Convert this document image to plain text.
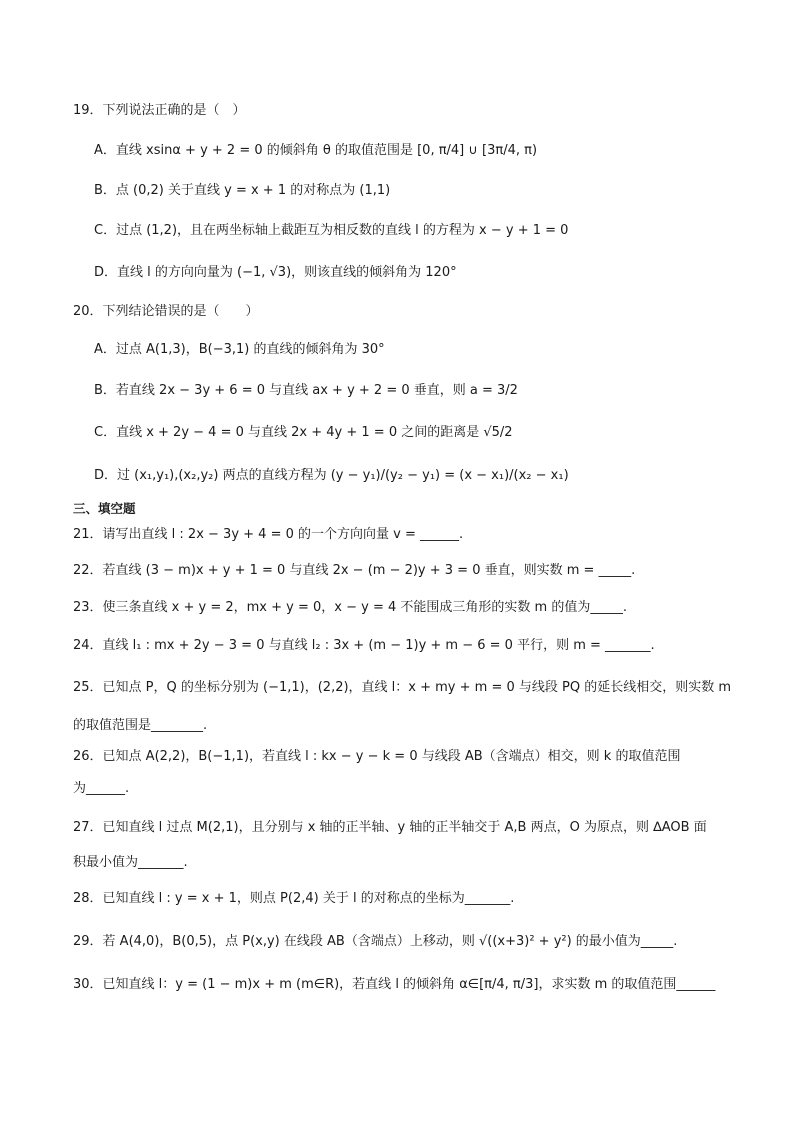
19．下列说法正确的是（　）
A．直线 xsinα + y + 2 = 0 的倾斜角 θ 的取值范围是 [0, π/4] ∪ [3π/4, π)
B．点 (0,2) 关于直线 y = x + 1 的对称点为 (1,1)
C．过点 (1,2)，且在两坐标轴上截距互为相反数的直线 l 的方程为 x − y + 1 = 0
D．直线 l 的方向向量为 (−1, √3)，则该直线的倾斜角为 120°
20．下列结论错误的是（　　）
A．过点 A(1,3)，B(−3,1) 的直线的倾斜角为 30°
B．若直线 2x − 3y + 6 = 0 与直线 ax + y + 2 = 0 垂直，则 a = 3/2
C．直线 x + 2y − 4 = 0 与直线 2x + 4y + 1 = 0 之间的距离是 √5/2
D．过 (x₁,y₁),(x₂,y₂) 两点的直线方程为 (y − y₁)/(y₂ − y₁) = (x − x₁)/(x₂ − x₁)
三、填空题
21．请写出直线 l : 2x − 3y + 4 = 0 的一个方向向量 v = ______.
22．若直线 (3 − m)x + y + 1 = 0 与直线 2x − (m − 2)y + 3 = 0 垂直，则实数 m = _____.
23．使三条直线 x + y = 2，mx + y = 0，x − y = 4 不能围成三角形的实数 m 的值为_____.
24．直线 l₁ : mx + 2y − 3 = 0 与直线 l₂ : 3x + (m − 1)y + m − 6 = 0 平行，则 m = _______.
25．已知点 P，Q 的坐标分别为 (−1,1)，(2,2)，直线 l：x + my + m = 0 与线段 PQ 的延长线相交，则实数 m
的取值范围是________.
26．已知点 A(2,2)，B(−1,1)，若直线 l : kx − y − k = 0 与线段 AB（含端点）相交，则 k 的取值范围
为______.
27．已知直线 l 过点 M(2,1)，且分别与 x 轴的正半轴、y 轴的正半轴交于 A,B 两点，O 为原点，则 ∆AOB 面
积最小值为_______.
28．已知直线 l : y = x + 1，则点 P(2,4) 关于 l 的对称点的坐标为_______.
29．若 A(4,0)，B(0,5)，点 P(x,y) 在线段 AB（含端点）上移动，则 √((x+3)² + y²) 的最小值为_____.
30．已知直线 l：y = (1 − m)x + m (m∈R)，若直线 l 的倾斜角 α∈[π/4, π/3]，求实数 m 的取值范围______
